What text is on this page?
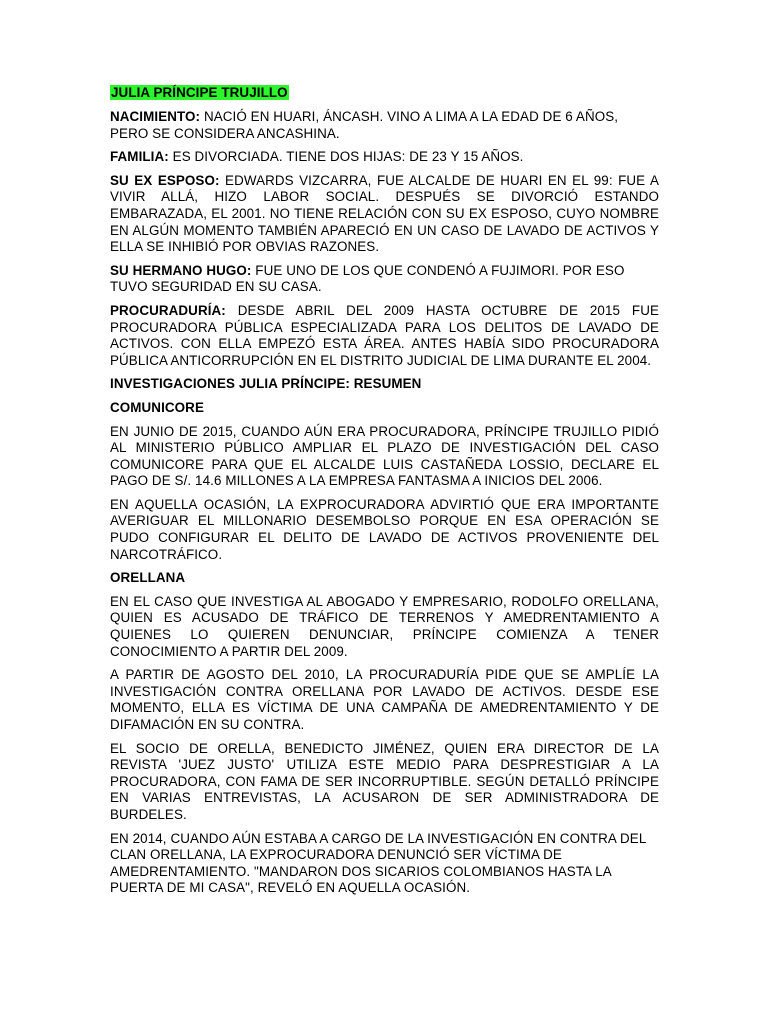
JULIA PRÍNCIPE TRUJILLO

NACIMIENTO: NACIÓ EN HUARI, ÁNCASH. VINO A LIMA A LA EDAD DE 6 AÑOS, PERO SE CONSIDERA ANCASHINA.

FAMILIA: ES DIVORCIADA. TIENE DOS HIJAS: DE 23 Y 15 AÑOS.

SU EX ESPOSO: EDWARDS VIZCARRA, FUE ALCALDE DE HUARI EN EL 99: FUE A VIVIR ALLÁ, HIZO LABOR SOCIAL. DESPUÉS SE DIVORCIÓ ESTANDO EMBARAZADA, EL 2001. NO TIENE RELACIÓN CON SU EX ESPOSO, CUYO NOMBRE EN ALGÚN MOMENTO TAMBIÉN APARECIÓ EN UN CASO DE LAVADO DE ACTIVOS Y ELLA SE INHIBIÓ POR OBVIAS RAZONES.

SU HERMANO HUGO: FUE UNO DE LOS QUE CONDENÓ A FUJIMORI. POR ESO TUVO SEGURIDAD EN SU CASA.

PROCURADURÍA: DESDE ABRIL DEL 2009 HASTA OCTUBRE DE 2015 FUE PROCURADORA PÚBLICA ESPECIALIZADA PARA LOS DELITOS DE LAVADO DE ACTIVOS. CON ELLA EMPEZÓ ESTA ÁREA. ANTES HABÍA SIDO PROCURADORA PÚBLICA ANTICORRUPCIÓN EN EL DISTRITO JUDICIAL DE LIMA DURANTE EL 2004.

INVESTIGACIONES JULIA PRÍNCIPE: RESUMEN
COMUNICORE

EN JUNIO DE 2015, CUANDO AÚN ERA PROCURADORA, PRÍNCIPE TRUJILLO PIDIÓ AL MINISTERIO PÚBLICO AMPLIAR EL PLAZO DE INVESTIGACIÓN DEL CASO COMUNICORE PARA QUE EL ALCALDE LUIS CASTAÑEDA LOSSIO, DECLARE EL PAGO DE S/. 14.6 MILLONES A LA EMPRESA FANTASMA A INICIOS DEL 2006.

EN AQUELLA OCASIÓN, LA EXPROCURADORA ADVIRTIÓ QUE ERA IMPORTANTE AVERIGUAR EL MILLONARIO DESEMBOLSO PORQUE EN ESA OPERACIÓN SE PUDO CONFIGURAR EL DELITO DE LAVADO DE ACTIVOS PROVENIENTE DEL NARCOTRÁFICO.

ORELLANA

EN EL CASO QUE INVESTIGA AL ABOGADO Y EMPRESARIO, RODOLFO ORELLANA, QUIEN ES ACUSADO DE TRÁFICO DE TERRENOS Y AMEDRENTAMIENTO A QUIENES LO QUIEREN DENUNCIAR, PRÍNCIPE COMIENZA A TENER CONOCIMIENTO A PARTIR DEL 2009.

A PARTIR DE AGOSTO DEL 2010, LA PROCURADURÍA PIDE QUE SE AMPLÍE LA INVESTIGACIÓN CONTRA ORELLANA POR LAVADO DE ACTIVOS. DESDE ESE MOMENTO, ELLA ES VÍCTIMA DE UNA CAMPAÑA DE AMEDRENTAMIENTO Y DE DIFAMACIÓN EN SU CONTRA.

EL SOCIO DE ORELLA, BENEDICTO JIMÉNEZ, QUIEN ERA DIRECTOR DE LA REVISTA 'JUEZ JUSTO' UTILIZA ESTE MEDIO PARA DESPRESTIGIAR A LA PROCURADORA, CON FAMA DE SER INCORRUPTIBLE. SEGÚN DETALLÓ PRÍNCIPE EN VARIAS ENTREVISTAS, LA ACUSARON DE SER ADMINISTRADORA DE BURDELES.

EN 2014, CUANDO AÚN ESTABA A CARGO DE LA INVESTIGACIÓN EN CONTRA DEL CLAN ORELLANA, LA EXPROCURADORA DENUNCIÓ SER VÍCTIMA DE AMEDRENTAMIENTO. "MANDARON DOS SICARIOS COLOMBIANOS HASTA LA PUERTA DE MI CASA", REVELÓ EN AQUELLA OCASIÓN.
